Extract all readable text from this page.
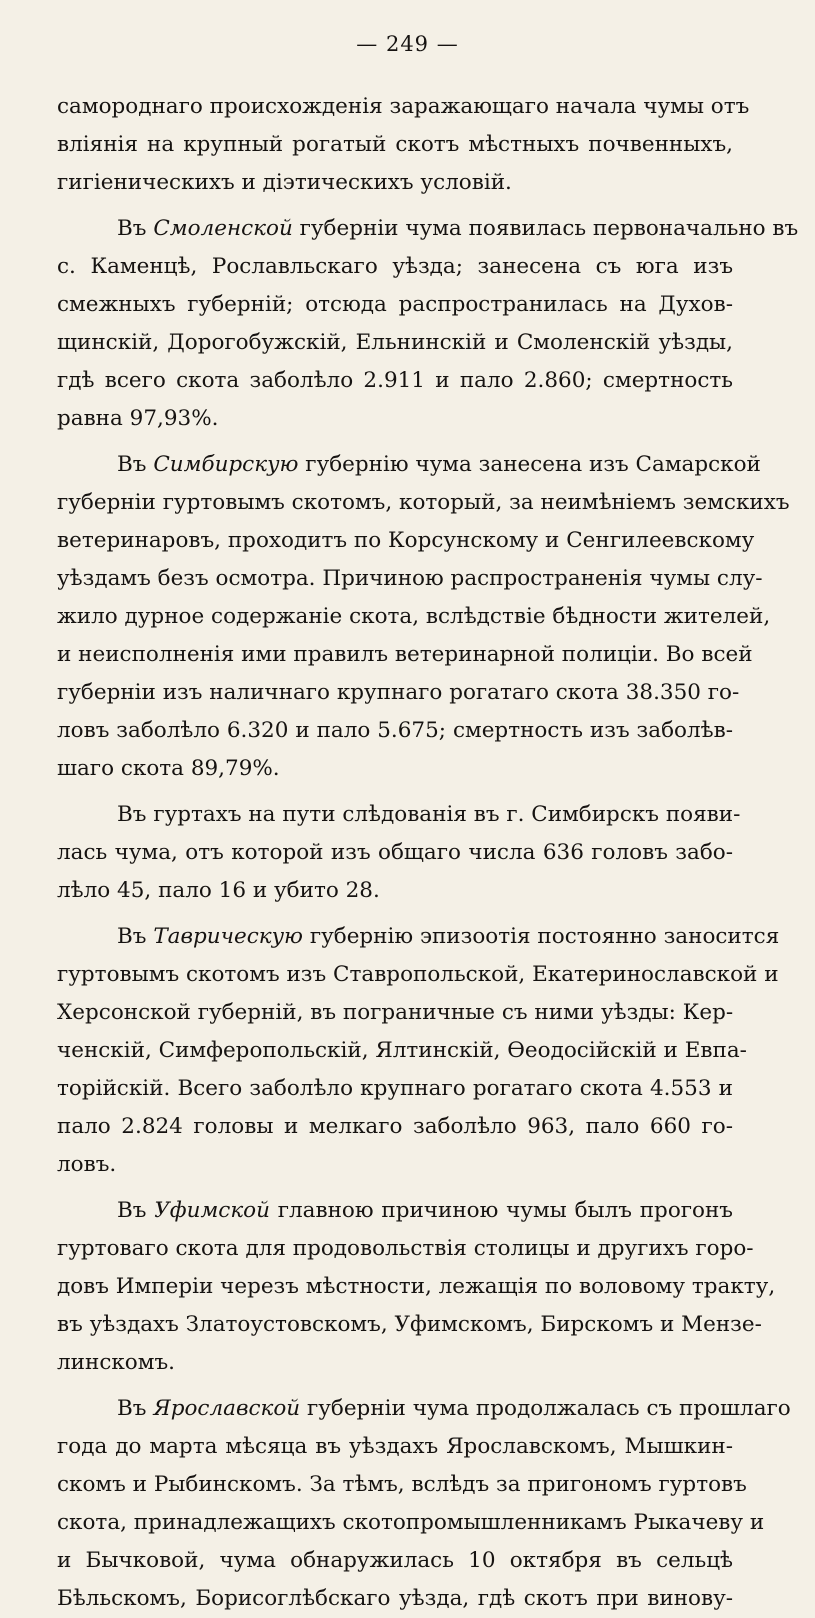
— 249 —
самороднаго происхожденія заражающаго начала чумы отъ
вліянія на крупный рогатый скотъ мѣстныхъ почвенныхъ,
гигіеническихъ и діэтическихъ условій.
Въ Смоленской губерніи чума появилась первоначально въ
с. Каменцѣ, Рославльскаго уѣзда; занесена съ юга изъ
смежныхъ губерній; отсюда распространилась на Духов-
щинскій, Дорогобужскій, Ельнинскій и Смоленскій уѣзды,
гдѣ всего скота заболѣло 2.911 и пало 2.860; смертность
равна 97,93%.
Въ Симбирскую губернію чума занесена изъ Самарской
губерніи гуртовымъ скотомъ, который, за неимѣніемъ земскихъ
ветеринаровъ, проходитъ по Корсунскому и Сенгилеевскому
уѣздамъ безъ осмотра. Причиною распространенія чумы слу-
жило дурное содержаніе скота, вслѣдствіе бѣдности жителей,
и неисполненія ими правилъ ветеринарной полиціи. Во всей
губерніи изъ наличнаго крупнаго рогатаго скота 38.350 го-
ловъ заболѣло 6.320 и пало 5.675; смертность изъ заболѣв-
шаго скота 89,79%.
Въ гуртахъ на пути слѣдованія въ г. Симбирскъ появи-
лась чума, отъ которой изъ общаго числа 636 головъ забо-
лѣло 45, пало 16 и убито 28.
Въ Таврическую губернію эпизоотія постоянно заносится
гуртовымъ скотомъ изъ Ставропольской, Екатеринославской и
Херсонской губерній, въ пограничные съ ними уѣзды: Кер-
ченскій, Симферопольскій, Ялтинскій, Ѳеодосійскій и Евпа-
торійскій. Всего заболѣло крупнаго рогатаго скота 4.553 и
пало 2.824 головы и мелкаго заболѣло 963, пало 660 го-
ловъ.
Въ Уфимской главною причиною чумы былъ прогонъ
гуртоваго скота для продовольствія столицы и другихъ горо-
довъ Имперіи черезъ мѣстности, лежащія по воловому тракту,
въ уѣздахъ Златоустовскомъ, Уфимскомъ, Бирскомъ и Мензе-
линскомъ.
Въ Ярославской губерніи чума продолжалась съ прошлаго
года до марта мѣсяца въ уѣздахъ Ярославскомъ, Мышкин-
скомъ и Рыбинскомъ. За тѣмъ, вслѣдъ за пригономъ гуртовъ
скота, принадлежащихъ скотопромышленникамъ Рыкачеву и
и Бычковой, чума обнаружилась 10 октября въ сельцѣ
Бѣльскомъ, Борисоглѣбскаго уѣзда, гдѣ скотъ при винову-
